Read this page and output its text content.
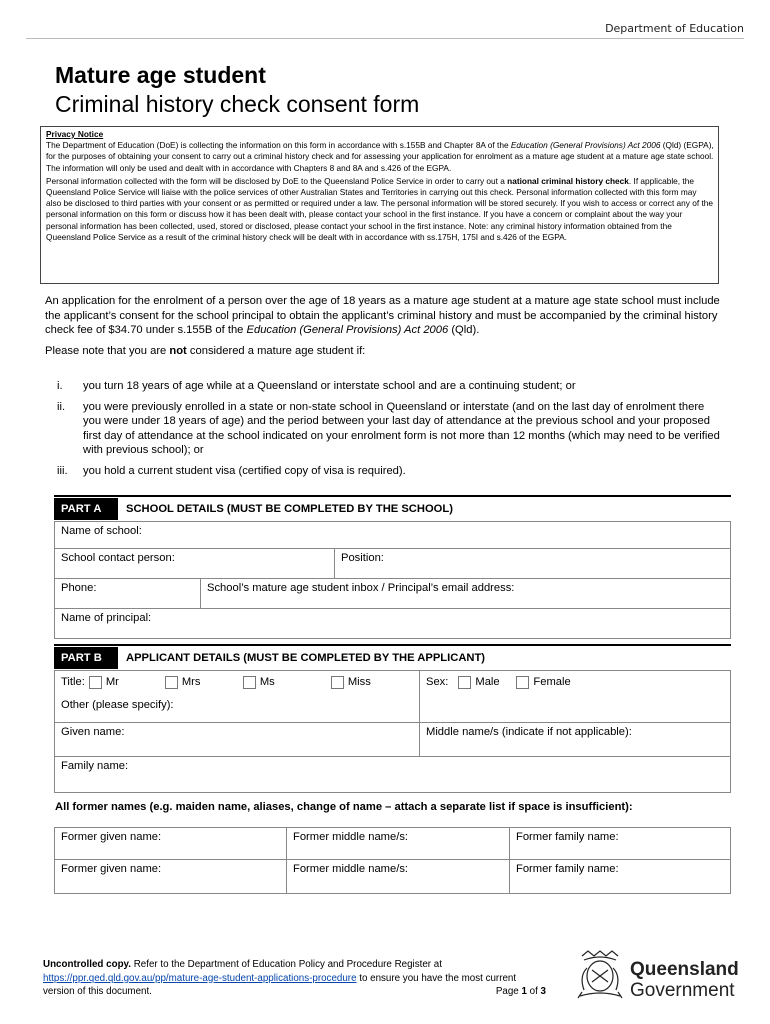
Department of Education
Mature age student
Criminal history check consent form
Privacy Notice

The Department of Education (DoE) is collecting the information on this form in accordance with s.155B and Chapter 8A of the Education (General Provisions) Act 2006 (Qld) (EGPA), for the purposes of obtaining your consent to carry out a criminal history check and for assessing your application for enrolment as a mature age student at a mature age state school. The information will only be used and dealt with in accordance with Chapters 8 and 8A and s.426 of the EGPA.

Personal information collected with the form will be disclosed by DoE to the Queensland Police Service in order to carry out a national criminal history check. If applicable, the Queensland Police Service will liaise with the police services of other Australian States and Territories in carrying out this check. Personal information collected with this form may also be disclosed to third parties with your consent or as permitted or required under a law. The personal information will be stored securely. If you wish to access or correct any of the personal information on this form or discuss how it has been dealt with, please contact your school in the first instance. If you have a concern or complaint about the way your personal information has been collected, used, stored or disclosed, please contact your school in the first instance. Note: any criminal history information obtained from the Queensland Police Service as a result of the criminal history check will be dealt with in accordance with ss.175H, 175I and s.426 of the EGPA.

An application for the enrolment of a person over the age of 18 years as a mature age student at a mature age state school must include the applicant’s consent for the school principal to obtain the applicant’s criminal history and must be accompanied by the criminal history check fee of $34.70 under s.155B of the Education (General Provisions) Act 2006 (Qld).

Please note that you are not considered a mature age student if:

i.	you turn 18 years of age while at a Queensland or interstate school and are a continuing student; or
ii.	you were previously enrolled in a state or non-state school in Queensland or interstate (and on the last day of enrolment there you were under 18 years of age) and the period between your last day of attendance at the previous school and your proposed first day of attendance at the school indicated on your enrolment form is not more than 12 months (which may need to be verified with previous school); or
iii.	you hold a current student visa (certified copy of visa is required).
PART A	SCHOOL DETAILS (MUST BE COMPLETED BY THE SCHOOL)
Name of school:
School contact person:	Position:
Phone:	School’s mature age student inbox / Principal’s email address:
Name of principal:
PART B	APPLICANT DETAILS (MUST BE COMPLETED BY THE APPLICANT)
Title: Mr	Mrs	Ms	Miss
Other (please specify):
Sex: Male	Female
Given name:	Middle name/s (indicate if not applicable):
Family name:
All former names (e.g. maiden name, aliases, change of name – attach a separate list if space is insufficient):
Former given name:	Former middle name/s:	Former family name:
Former given name:	Former middle name/s:	Former family name:
Uncontrolled copy. Refer to the Department of Education Policy and Procedure Register at https://ppr.qed.qld.gov.au/pp/mature-age-student-applications-procedure to ensure you have the most current version of this document.	Page 1 of 3
Queensland
Government
